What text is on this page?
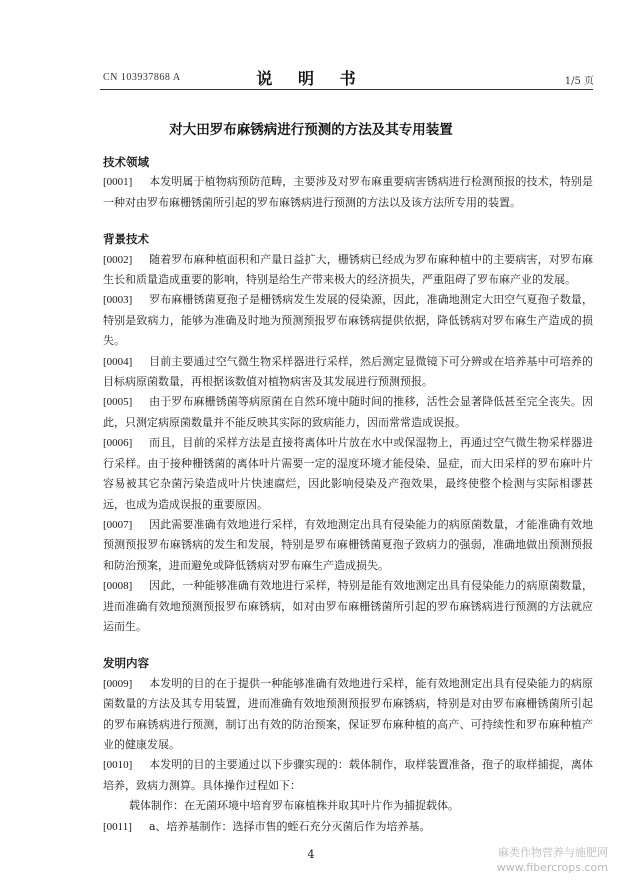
CN 103937868 A	说 明 书	1/5 页
对大田罗布麻锈病进行预测的方法及其专用装置

技术领域

[0001] 本发明属于植物病预防范畴，主要涉及对罗布麻重要病害锈病进行检测预报的技术，特别是一种对由罗布麻栅锈菌所引起的罗布麻锈病进行预测的方法以及该方法所专用的装置。

背景技术

[0002] 随着罗布麻种植面积和产量日益扩大，栅锈病已经成为罗布麻种植中的主要病害，对罗布麻生长和质量造成重要的影响，特别是给生产带来极大的经济损失，严重阻碍了罗布麻产业的发展。

[0003] 罗布麻栅锈菌夏孢子是栅锈病发生发展的侵染源，因此，准确地测定大田空气夏孢子数量，特别是致病力，能够为准确及时地为预测预报罗布麻锈病提供依据，降低锈病对罗布麻生产造成的损失。

[0004] 目前主要通过空气微生物采样器进行采样，然后测定显微镜下可分辨或在培养基中可培养的目标病原菌数量，再根据该数值对植物病害及其发展进行预测预报。

[0005] 由于罗布麻栅锈菌等病原菌在自然环境中随时间的推移，活性会显著降低甚至完全丧失。因此，只测定病原菌数量并不能反映其实际的致病能力，因而常常造成误报。

[0006] 而且，目前的采样方法是直接将离体叶片放在水中或保湿物上，再通过空气微生物采样器进行采样。由于接种栅锈菌的离体叶片需要一定的湿度环境才能侵染、显症，而大田采样的罗布麻叶片容易被其它杂菌污染造成叶片快速腐烂，因此影响侵染及产孢效果，最终使整个检测与实际相谬甚远，也成为造成误报的重要原因。

[0007] 因此需要准确有效地进行采样，有效地测定出具有侵染能力的病原菌数量，才能准确有效地预测预报罗布麻锈病的发生和发展，特别是罗布麻栅锈菌夏孢子致病力的强弱，准确地做出预测预报和防治预案，进而避免或降低锈病对罗布麻生产造成损失。

[0008] 因此，一种能够准确有效地进行采样，特别是能有效地测定出具有侵染能力的病原菌数量，进而准确有效地预测预报罗布麻锈病，如对由罗布麻栅锈菌所引起的罗布麻锈病进行预测的方法就应运而生。

发明内容

[0009] 本发明的目的在于提供一种能够准确有效地进行采样，能有效地测定出具有侵染能力的病原菌数量的方法及其专用装置，进而准确有效地预测预报罗布麻锈病，特别是对由罗布麻栅锈菌所引起的罗布麻锈病进行预测，制订出有效的防治预案，保证罗布麻种植的高产、可持续性和罗布麻种植产业的健康发展。

[0010] 本发明的目的主要通过以下步骤实现的：载体制作，取样装置准备，孢子的取样捕捉，离体培养，致病力测算。具体操作过程如下：

载体制作：在无菌环境中培育罗布麻植株并取其叶片作为捕捉载体。

[0011] a、培养基制作：选择市售的蛭石充分灭菌后作为培养基。

4	麻类作物营养与施肥网
www.fibercrops.com
